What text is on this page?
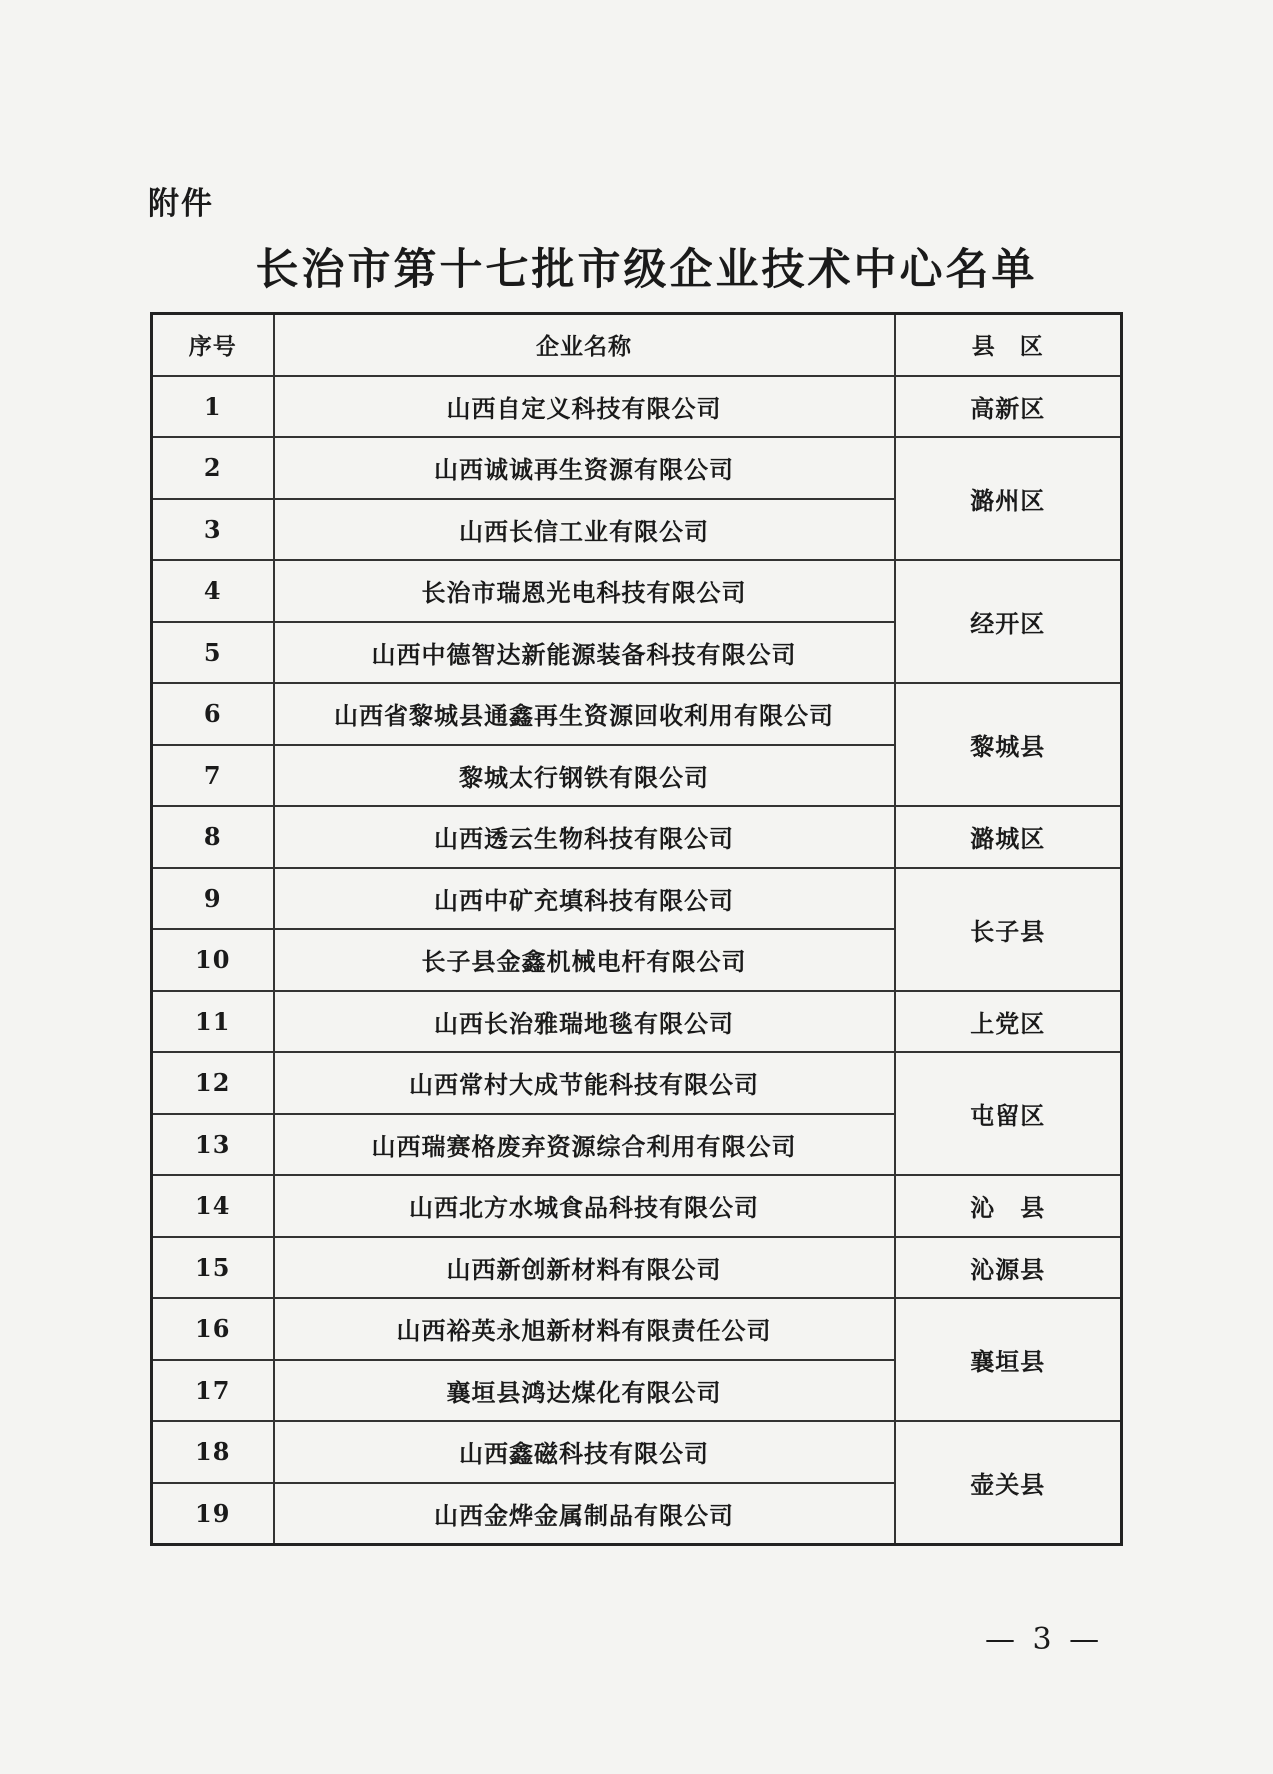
附件
长治市第十七批市级企业技术中心名单
序号	企业名称	县　区
1	山西自定义科技有限公司	高新区
2	山西诚诚再生资源有限公司	潞州区
3	山西长信工业有限公司	
4	长治市瑞恩光电科技有限公司	经开区
5	山西中德智达新能源装备科技有限公司	
6	山西省黎城县通鑫再生资源回收利用有限公司	黎城县
7	黎城太行钢铁有限公司	
8	山西透云生物科技有限公司	潞城区
9	山西中矿充填科技有限公司	长子县
10	长子县金鑫机械电杆有限公司	
11	山西长治雅瑞地毯有限公司	上党区
12	山西常村大成节能科技有限公司	屯留区
13	山西瑞赛格废弃资源综合利用有限公司	
14	山西北方水城食品科技有限公司	沁　县
15	山西新创新材料有限公司	沁源县
16	山西裕英永旭新材料有限责任公司	襄垣县
17	襄垣县鸿达煤化有限公司	
18	山西鑫磁科技有限公司	壶关县
19	山西金烨金属制品有限公司	
— 3 —
